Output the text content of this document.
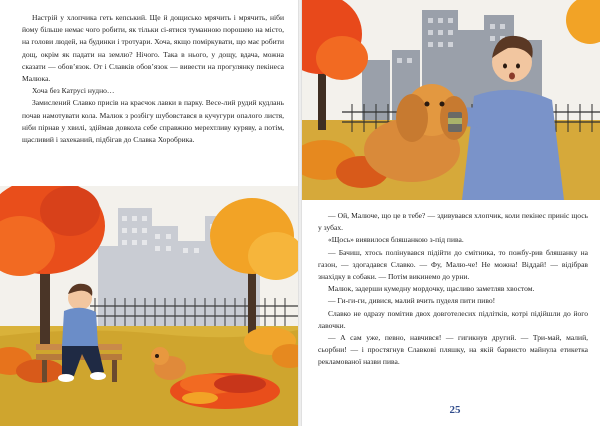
Настрій у хлопчика геть кепський. Ще й дощисько мрячить і мрячить, ніби йому більше немає чого робити, як тільки сі-ятися туманною порошею на місто, на голови людей, на будинки і тротуари. Хоча, якщо поміркувати, що має робити дощ, окрім як падати на землю? Нічого. Така в нього, у дощу, вдача, можна сказати — обов’язок. От і Славків обов’язок — вивести на прогулянку пекінеса Малюка.

Хоча без Катрусі нудно…

Замислений Славко присів на краєчок лавки в парку. Весе-лий рудий кудлань почав намотувати кола. Малюк з розбігу шубовстався в кучугури опалого листя, ніби пірнав у хвилі, здіймав довкола себе справжню мерехтливу куряву, а потім, щасливий і захеканий, підбігав до Славка Хоробрика.

— Ой, Малюче, що це в тебе? — здивувався хлопчик, коли пекінес приніс щось у зубах.

«Щось» виявилося бляшанкою з-під пива.

— Бачиш, хтось полінувався підійти до смітника, то пожбу-рив бляшанку на газон, — здогадався Славко. — Фу, Малю-че! Не можна! Віддай! — відібрав знахідку в собаки. — Потім викинемо до урни.

Малюк, задерши кумедну мордочку, щасливо заметляв хвостом.

— Ги-ги-ги, дивися, малий вчить пуделя пити пиво!

Славко не одразу помітив двох довготелесих підлітків, котрі підійшли до його лавочки.

— А сам уже, певно, навчився! — гигикнув другий. — Три-май, малий, сьорбни! — і простягнув Славковi пляшку, на якій барвисто майнула етикетка рекламованої назви пива.

25
